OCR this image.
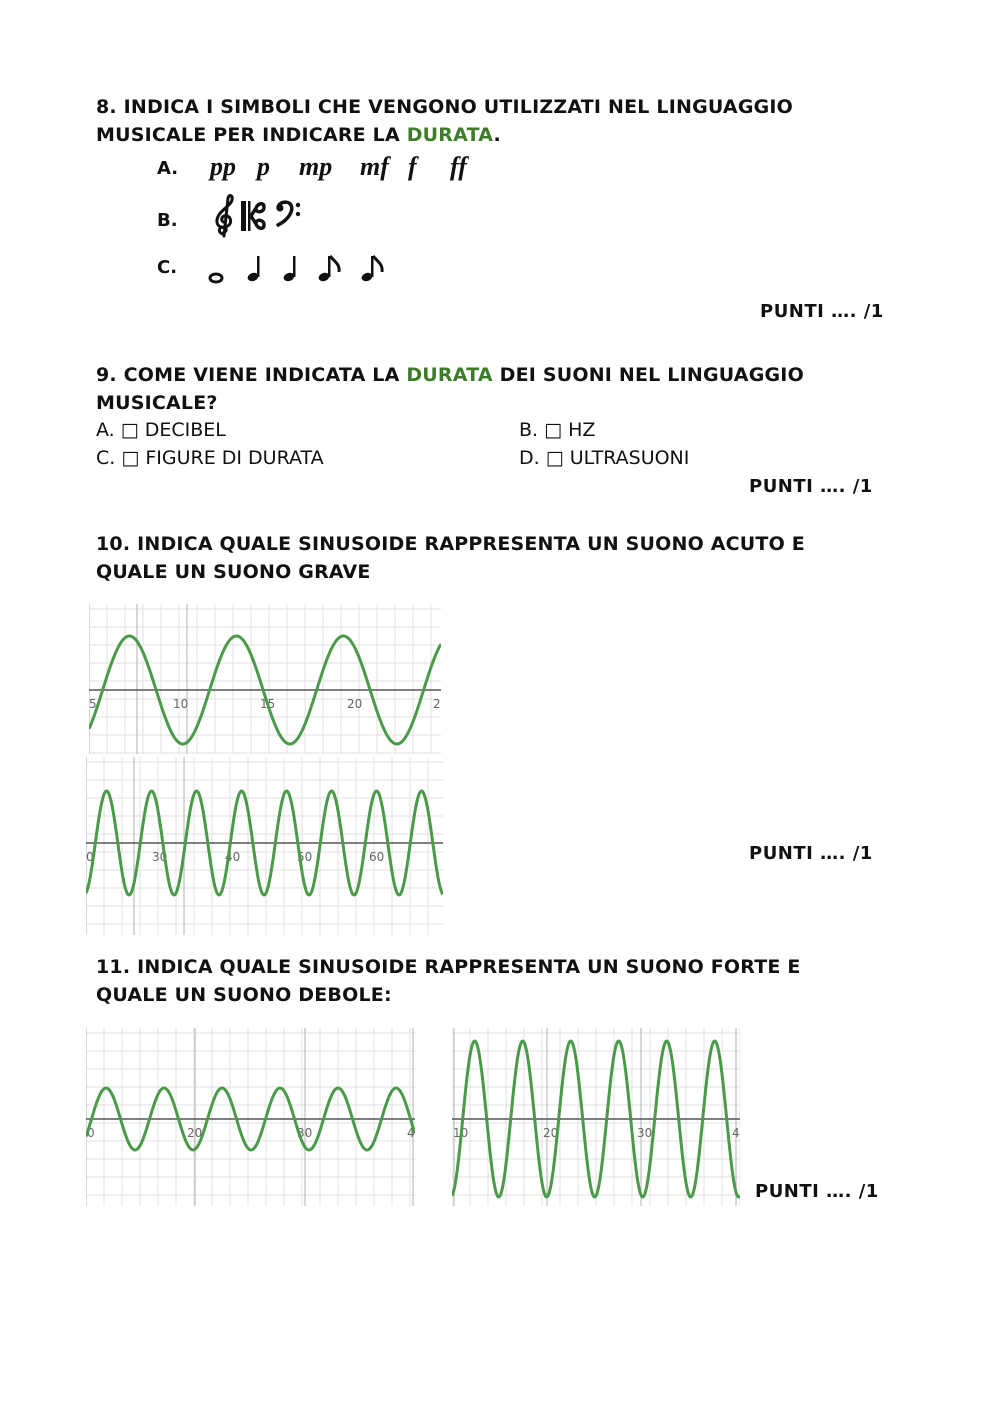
8. INDICA I SIMBOLI CHE VENGONO UTILIZZATI NEL LINGUAGGIO
MUSICALE PER INDICARE LA DURATA.
A. pp p mp mf f ff
B.
C.
PUNTI …. /1
9. COME VIENE INDICATA LA DURATA DEI SUONI NEL LINGUAGGIO
MUSICALE?
A. □ DECIBEL	B. □ HZ
C. □ FIGURE DI DURATA	D. □ ULTRASUONI
PUNTI …. /1
10. INDICA QUALE SINUSOIDE RAPPRESENTA UN SUONO ACUTO E
QUALE UN SUONO GRAVE
5	10	15	20	2
0	30	40	50	60	PUNTI …. /1
11. INDICA QUALE SINUSOIDE RAPPRESENTA UN SUONO FORTE E
QUALE UN SUONO DEBOLE:
0	20	30	4	10	20	30	4
PUNTI …. /1
